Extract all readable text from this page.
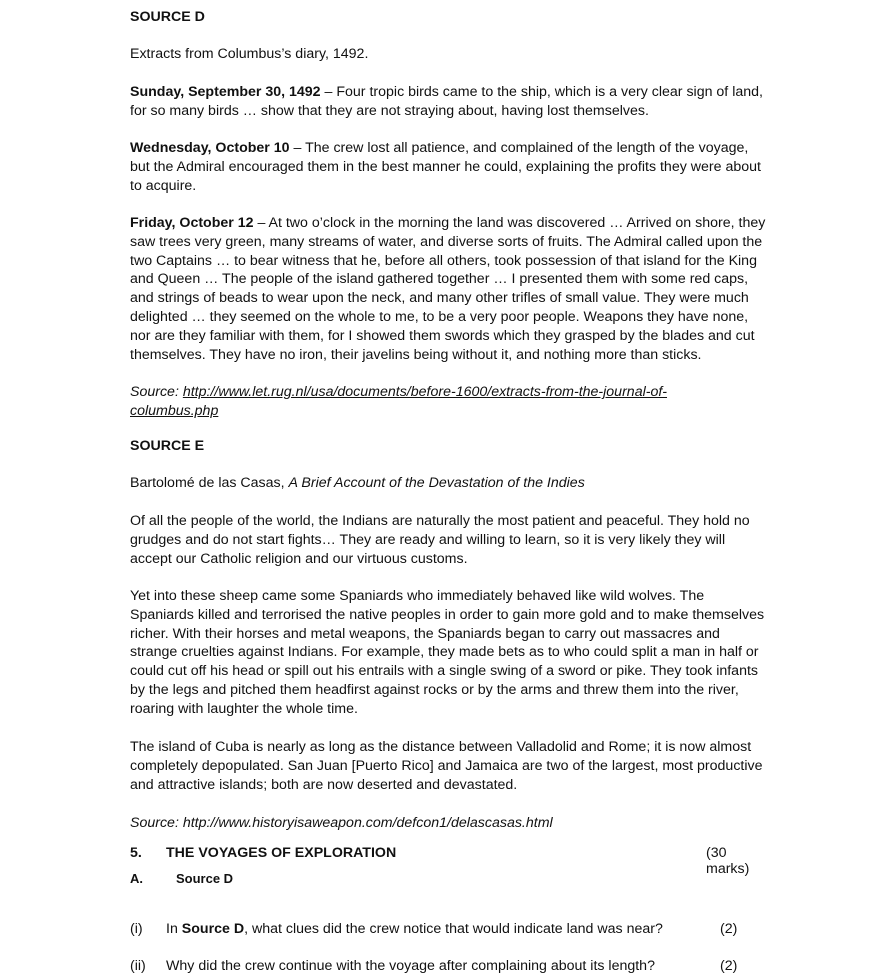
SOURCE D
Extracts from Columbus’s diary, 1492.
Sunday, September 30, 1492 – Four tropic birds came to the ship, which is a very clear sign of land, for so many birds … show that they are not straying about, having lost themselves.
Wednesday, October 10 – The crew lost all patience, and complained of the length of the voyage, but the Admiral encouraged them in the best manner he could, explaining the profits they were about to acquire.
Friday, October 12 – At two o’clock in the morning the land was discovered … Arrived on shore, they saw trees very green, many streams of water, and diverse sorts of fruits. The Admiral called upon the two Captains … to bear witness that he, before all others, took possession of that island for the King and Queen … The people of the island gathered together … I presented them with some red caps, and strings of beads to wear upon the neck, and many other trifles of small value. They were much delighted … they seemed on the whole to me, to be a very poor people. Weapons they have none, nor are they familiar with them, for I showed them swords which they grasped by the blades and cut themselves. They have no iron, their javelins being without it, and nothing more than sticks.
Source: http://www.let.rug.nl/usa/documents/before-1600/extracts-from-the-journal-of-columbus.php
SOURCE E
Bartolomé de las Casas, A Brief Account of the Devastation of the Indies
Of all the people of the world, the Indians are naturally the most patient and peaceful. They hold no grudges and do not start fights… They are ready and willing to learn, so it is very likely they will accept our Catholic religion and our virtuous customs.
Yet into these sheep came some Spaniards who immediately behaved like wild wolves. The Spaniards killed and terrorised the native peoples in order to gain more gold and to make themselves richer. With their horses and metal weapons, the Spaniards began to carry out massacres and strange cruelties against Indians. For example, they made bets as to who could split a man in half or could cut off his head or spill out his entrails with a single swing of a sword or pike. They took infants by the legs and pitched them headfirst against rocks or by the arms and threw them into the river, roaring with laughter the whole time.
The island of Cuba is nearly as long as the distance between Valladolid and Rome; it is now almost completely depopulated. San Juan [Puerto Rico] and Jamaica are two of the largest, most productive and attractive islands; both are now deserted and devastated.
Source: http://www.historyisaweapon.com/defcon1/delascasas.html
5. THE VOYAGES OF EXPLORATION	(30 marks)
A.	Source D
(i) In Source D, what clues did the crew notice that would indicate land was near?	(2)
(ii) Why did the crew continue with the voyage after complaining about its length?	(2)
